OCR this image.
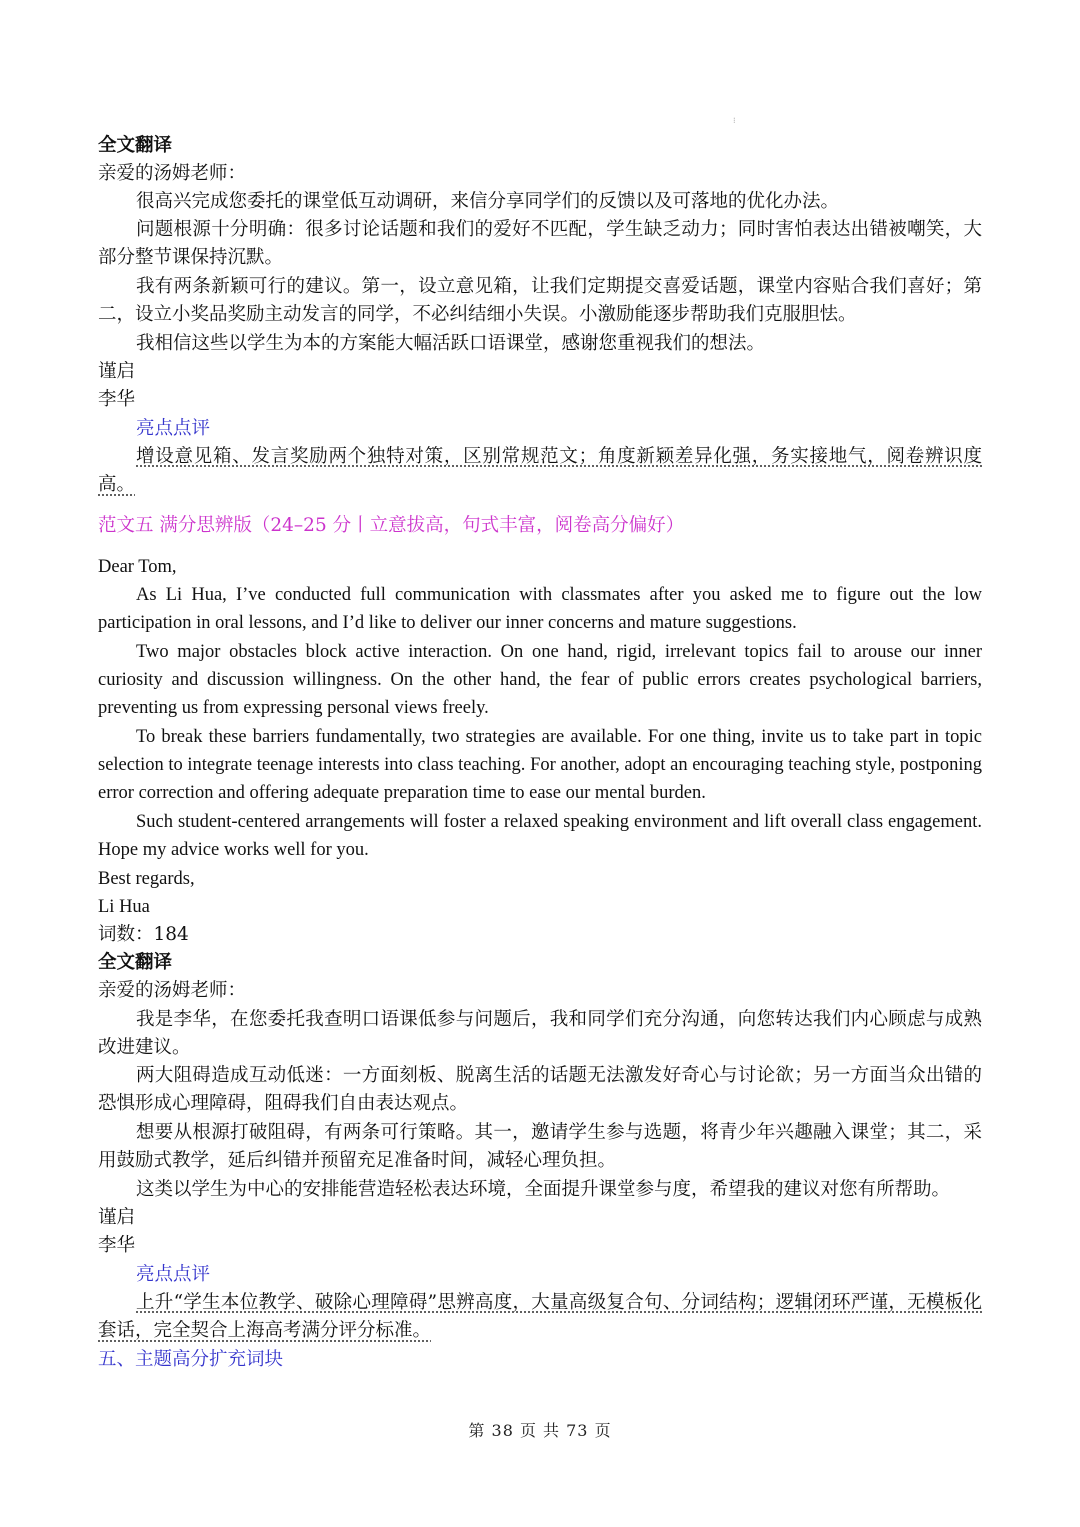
⁝
全文翻译
亲爱的汤姆老师：
很高兴完成您委托的课堂低互动调研，来信分享同学们的反馈以及可落地的优化办法。
问题根源十分明确：很多讨论话题和我们的爱好不匹配，学生缺乏动力；同时害怕表达出错被嘲笑，大部分整节课保持沉默。
我有两条新颖可行的建议。第一，设立意见箱，让我们定期提交喜爱话题，课堂内容贴合我们喜好；第二，设立小奖品奖励主动发言的同学，不必纠结细小失误。小激励能逐步帮助我们克服胆怯。
我相信这些以学生为本的方案能大幅活跃口语课堂，感谢您重视我们的想法。
谨启
李华
亮点点评
增设意见箱、发言奖励两个独特对策，区别常规范文；角度新颖差异化强，务实接地气，阅卷辨识度高。
范文五 满分思辨版（24–25 分丨立意拔高，句式丰富，阅卷高分偏好）
Dear Tom,
As Li Hua, I’ve conducted full communication with classmates after you asked me to figure out the low participation in oral lessons, and I’d like to deliver our inner concerns and mature suggestions.
Two major obstacles block active interaction. On one hand, rigid, irrelevant topics fail to arouse our inner curiosity and discussion willingness. On the other hand, the fear of public errors creates psychological barriers, preventing us from expressing personal views freely.
To break these barriers fundamentally, two strategies are available. For one thing, invite us to take part in topic selection to integrate teenage interests into class teaching. For another, adopt an encouraging teaching style, postponing error correction and offering adequate preparation time to ease our mental burden.
Such student-centered arrangements will foster a relaxed speaking environment and lift overall class engagement. Hope my advice works well for you.
Best regards,
Li Hua
词数：184
全文翻译
亲爱的汤姆老师：
我是李华，在您委托我查明口语课低参与问题后，我和同学们充分沟通，向您转达我们内心顾虑与成熟改进建议。
两大阻碍造成互动低迷：一方面刻板、脱离生活的话题无法激发好奇心与讨论欲；另一方面当众出错的恐惧形成心理障碍，阻碍我们自由表达观点。
想要从根源打破阻碍，有两条可行策略。其一，邀请学生参与选题，将青少年兴趣融入课堂；其二，采用鼓励式教学，延后纠错并预留充足准备时间，减轻心理负担。
这类以学生为中心的安排能营造轻松表达环境，全面提升课堂参与度，希望我的建议对您有所帮助。
谨启
李华
亮点点评
上升“学生本位教学、破除心理障碍”思辨高度，大量高级复合句、分词结构；逻辑闭环严谨，无模板化套话，完全契合上海高考满分评分标准。
五、主题高分扩充词块
第 38 页 共 73 页
